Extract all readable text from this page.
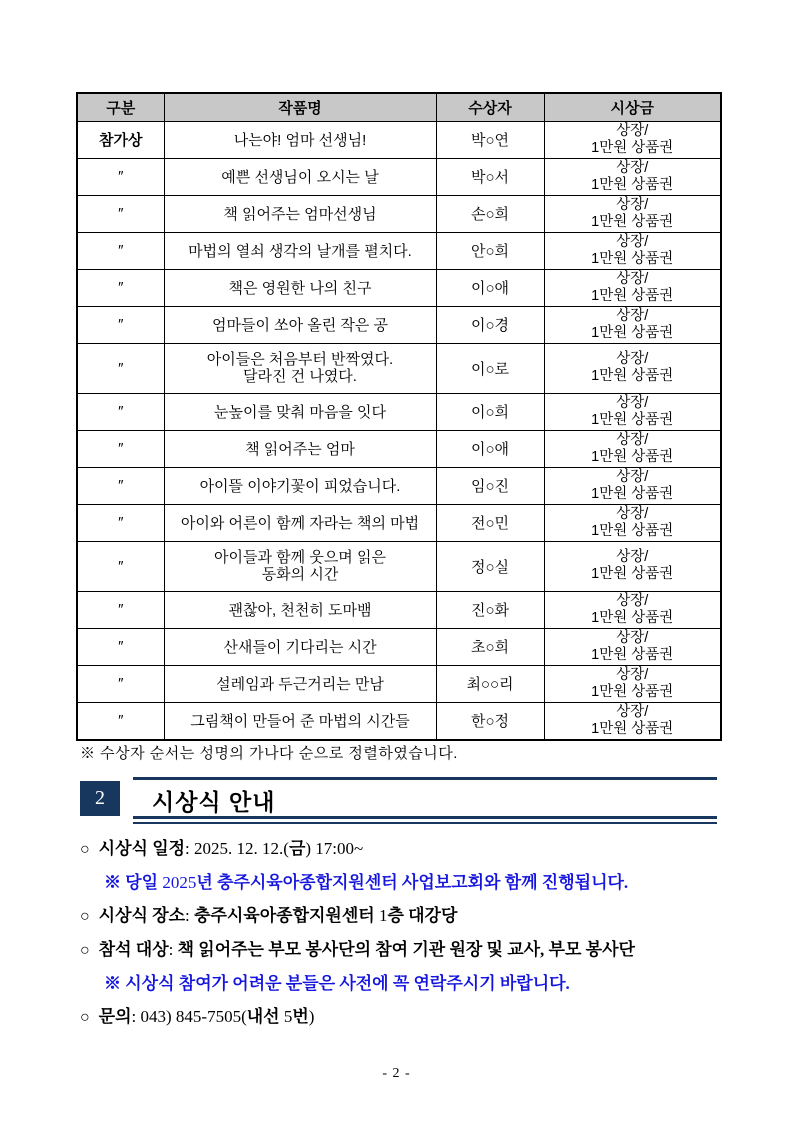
구분	작품명	수상자	시상금
참가상	나는야! 엄마 선생님!	박○연	상장/
1만원 상품권

″	예쁜 선생님이 오시는 날	박○서	상장/
1만원 상품권

″	책 읽어주는 엄마선생님	손○희	상장/
1만원 상품권

″	마법의 열쇠 생각의 날개를 펼치다.	안○희	상장/
1만원 상품권

″	책은 영원한 나의 친구	이○애	상장/
1만원 상품권

″	엄마들이 쏘아 올린 작은 공	이○경	상장/
1만원 상품권

″	아이들은 처음부터 반짝였다.
달라진 건 나였다.	이○로	
상장/
1만원 상품권

″	눈높이를 맞춰 마음을 잇다	이○희	상장/
1만원 상품권

″	책 읽어주는 엄마	이○애	상장/
1만원 상품권

″	아이뜰 이야기꽃이 피었습니다.	임○진	상장/
1만원 상품권

″	아이와 어른이 함께 자라는 책의 마법	전○민	상장/
1만원 상품권

″	아이들과 함께 웃으며 읽은
동화의 시간	정○실	
상장/
1만원 상품권

″	괜찮아, 천천히 도마뱀	진○화	상장/
1만원 상품권

″	산새들이 기다리는 시간	초○희	상장/
1만원 상품권

″	설레임과 두근거리는 만남	최○○리	상장/
1만원 상품권

″	그림책이 만들어 준 마법의 시간들	한○정	상장/
1만원 상품권
※ 수상자 순서는 성명의 가나다 순으로 정렬하였습니다.
2 시상식 안내
○ 시상식 일정: 2025. 12. 12.(금) 17:00~
※ 당일 2025년 충주시육아종합지원센터 사업보고회와 함께 진행됩니다.
○ 시상식 장소: 충주시육아종합지원센터 1층 대강당
○ 참석 대상: 책 읽어주는 부모 봉사단의 참여 기관 원장 및 교사, 부모 봉사단
※ 시상식 참여가 어려운 분들은 사전에 꼭 연락주시기 바랍니다.
○ 문의: 043) 845-7505(내선 5번)
- 2 -
